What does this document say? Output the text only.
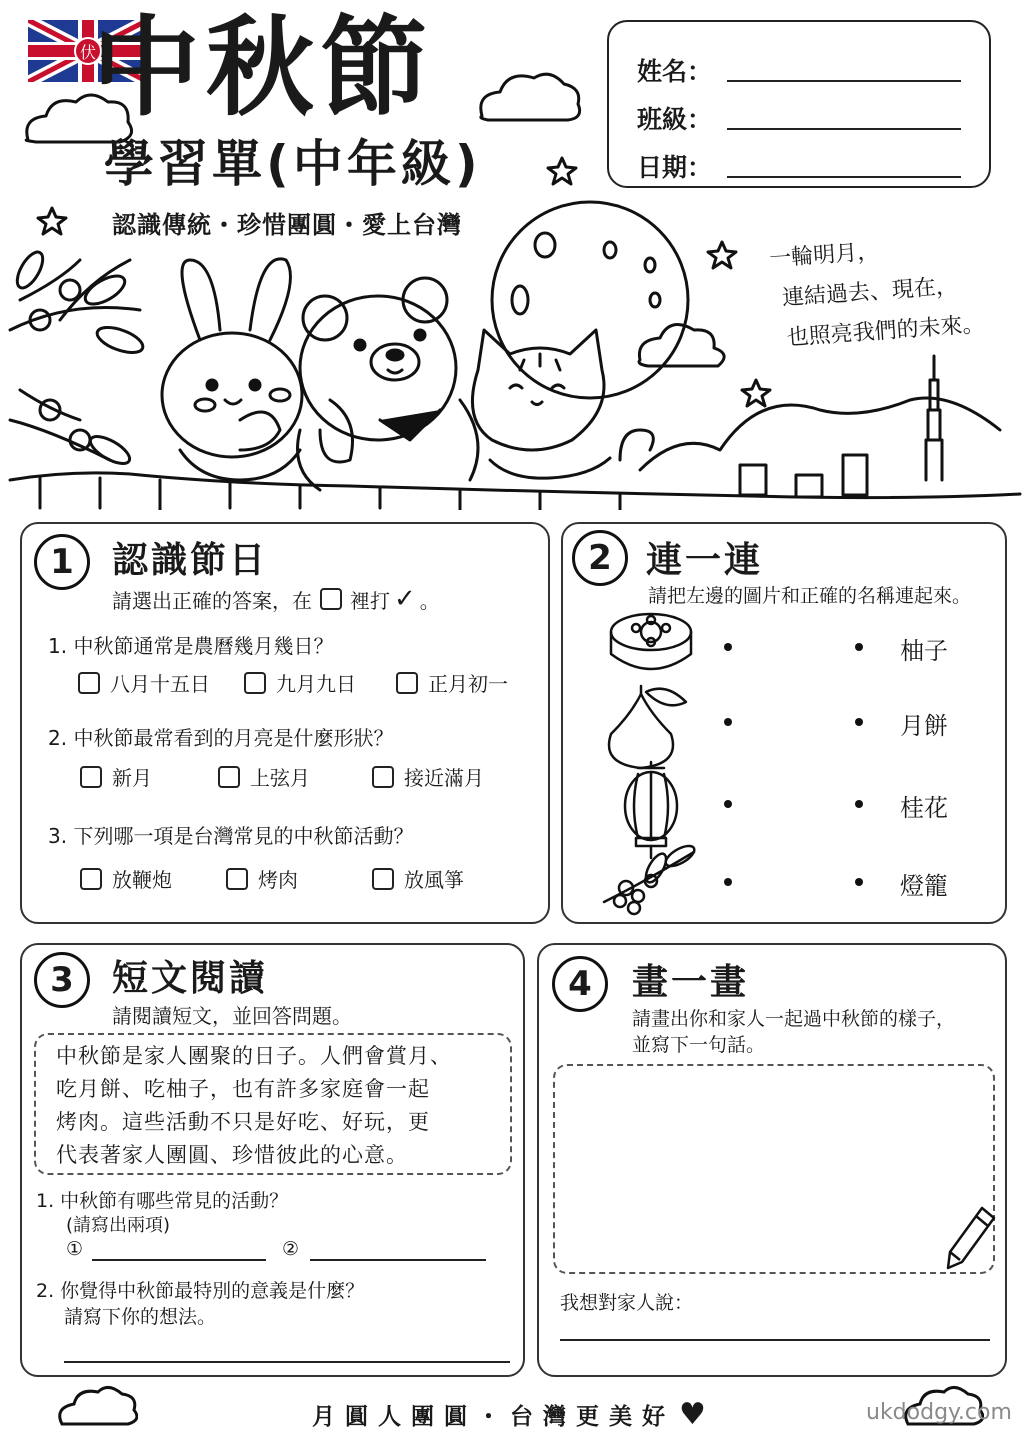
伏
中秋節
學習單(中年級)
認識傳統・珍惜團圓・愛上台灣
姓名：
班級：
日期：
一輪明月，
連結過去、現在，
也照亮我們的未來。
1	認識節日
請選出正確的答案，在 裡打 ✓ 。
1. 中秋節通常是農曆幾月幾日？
八月十五日	九月九日	正月初一
2. 中秋節最常看到的月亮是什麼形狀？
新月	上弦月	接近滿月
3. 下列哪一項是台灣常見的中秋節活動？
放鞭炮	烤肉	放風箏
2 連一連
請把左邊的圖片和正確的名稱連起來。
柚子
月餅
桂花
燈籠
3	短文閱讀
請閱讀短文，並回答問題。
中秋節是家人團聚的日子。人們會賞月、
吃月餅、吃柚子，也有許多家庭會一起
烤肉。這些活動不只是好吃、好玩，更
代表著家人團圓、珍惜彼此的心意。
1. 中秋節有哪些常見的活動？
(請寫出兩項)
①	②
2. 你覺得中秋節最特別的意義是什麼？
請寫下你的想法。
4	畫一畫
請畫出你和家人一起過中秋節的樣子，
並寫下一句話。
我想對家人說：
月圓人團圓・台灣更美好 ♥	ukdodgy.com
